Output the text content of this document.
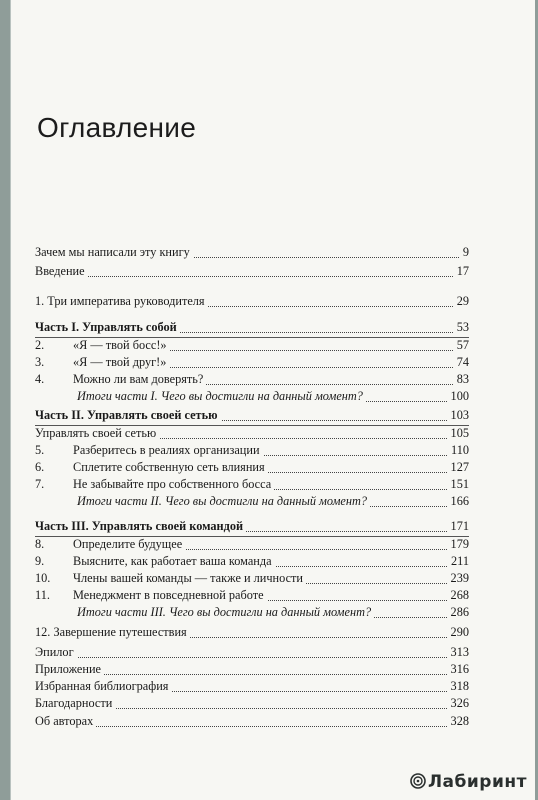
Оглавление
Зачем мы написали эту книгу	9
Введение	17
1. Три императива руководителя	29
Часть I. Управлять собой	53
2. «Я — твой босс!»	57
3. «Я — твой друг!»	74
4. Можно ли вам доверять?	83
Итоги части I. Чего вы достигли на данный момент?	100
Часть II. Управлять своей сетью	103
Управлять своей сетью	105
5. Разберитесь в реалиях организации	110
6. Сплетите собственную сеть влияния	127
7. Не забывайте про собственного босса	151
Итоги части II. Чего вы достигли на данный момент?	166
Часть III. Управлять своей командой	171
8. Определите будущее	179
9. Выясните, как работает ваша команда	211
10. Члены вашей команды — также и личности	239
11. Менеджмент в повседневной работе	268
Итоги части III. Чего вы достигли на данный момент?	286
12. Завершение путешествия	290
Эпилог	313
Приложение	316
Избранная библиография	318
Благодарности	326
Об авторах	328
Лабиринт
